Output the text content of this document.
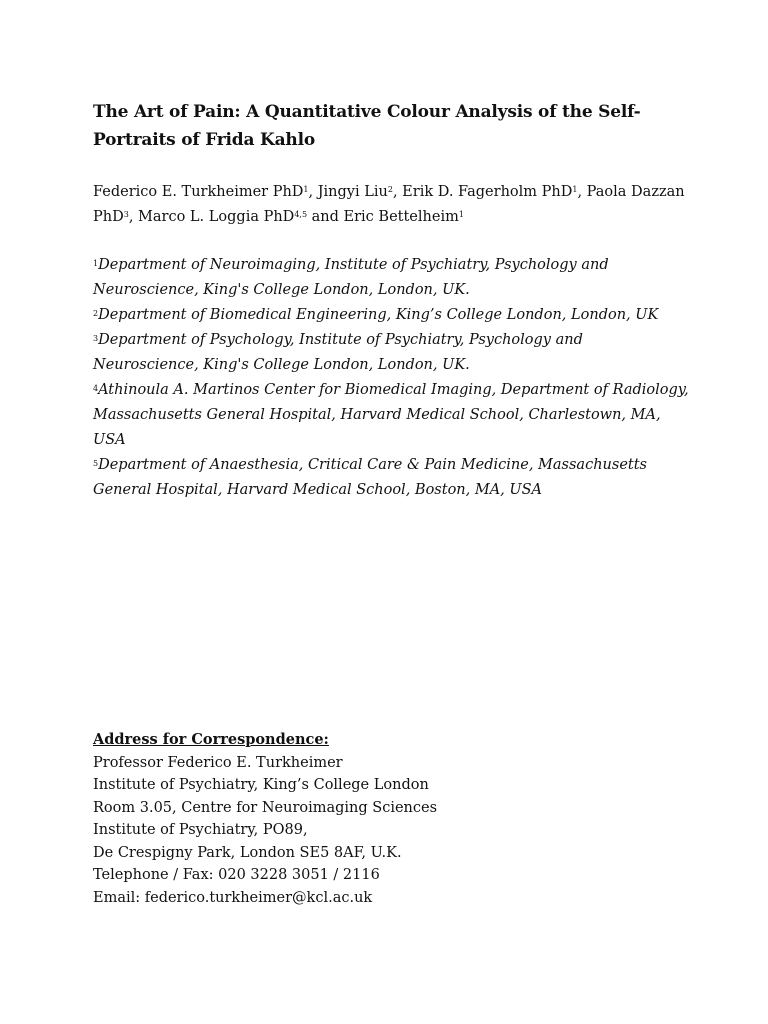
The Art of Pain: A Quantitative Colour Analysis of the Self-Portraits of Frida Kahlo

Federico E. Turkheimer PhD$^1$, Jingyi Liu$^2$, Erik D. Fagerholm PhD$^1$, Paola Dazzan PhD$^3$, Marco L. Loggia PhD$^{4,5}$ and Eric Bettelheim$^1$

$^1$Department of Neuroimaging, Institute of Psychiatry, Psychology and Neuroscience, King's College London, London, UK.
$^2$Department of Biomedical Engineering, King’s College London, London, UK
$^3$Department of Psychology, Institute of Psychiatry, Psychology and Neuroscience, King's College London, London, UK.
$^4$Athinoula A. Martinos Center for Biomedical Imaging, Department of Radiology, Massachusetts General Hospital, Harvard Medical School, Charlestown, MA, USA
$^5$Department of Anaesthesia, Critical Care & Pain Medicine, Massachusetts General Hospital, Harvard Medical School, Boston, MA, USA
Address for Correspondence:
Professor Federico E. Turkheimer
Institute of Psychiatry, King’s College London
Room 3.05, Centre for Neuroimaging Sciences
Institute of Psychiatry, PO89,
De Crespigny Park, London SE5 8AF, U.K.
Telephone / Fax: 020 3228 3051 / 2116
Email: federico.turkheimer@kcl.ac.uk
